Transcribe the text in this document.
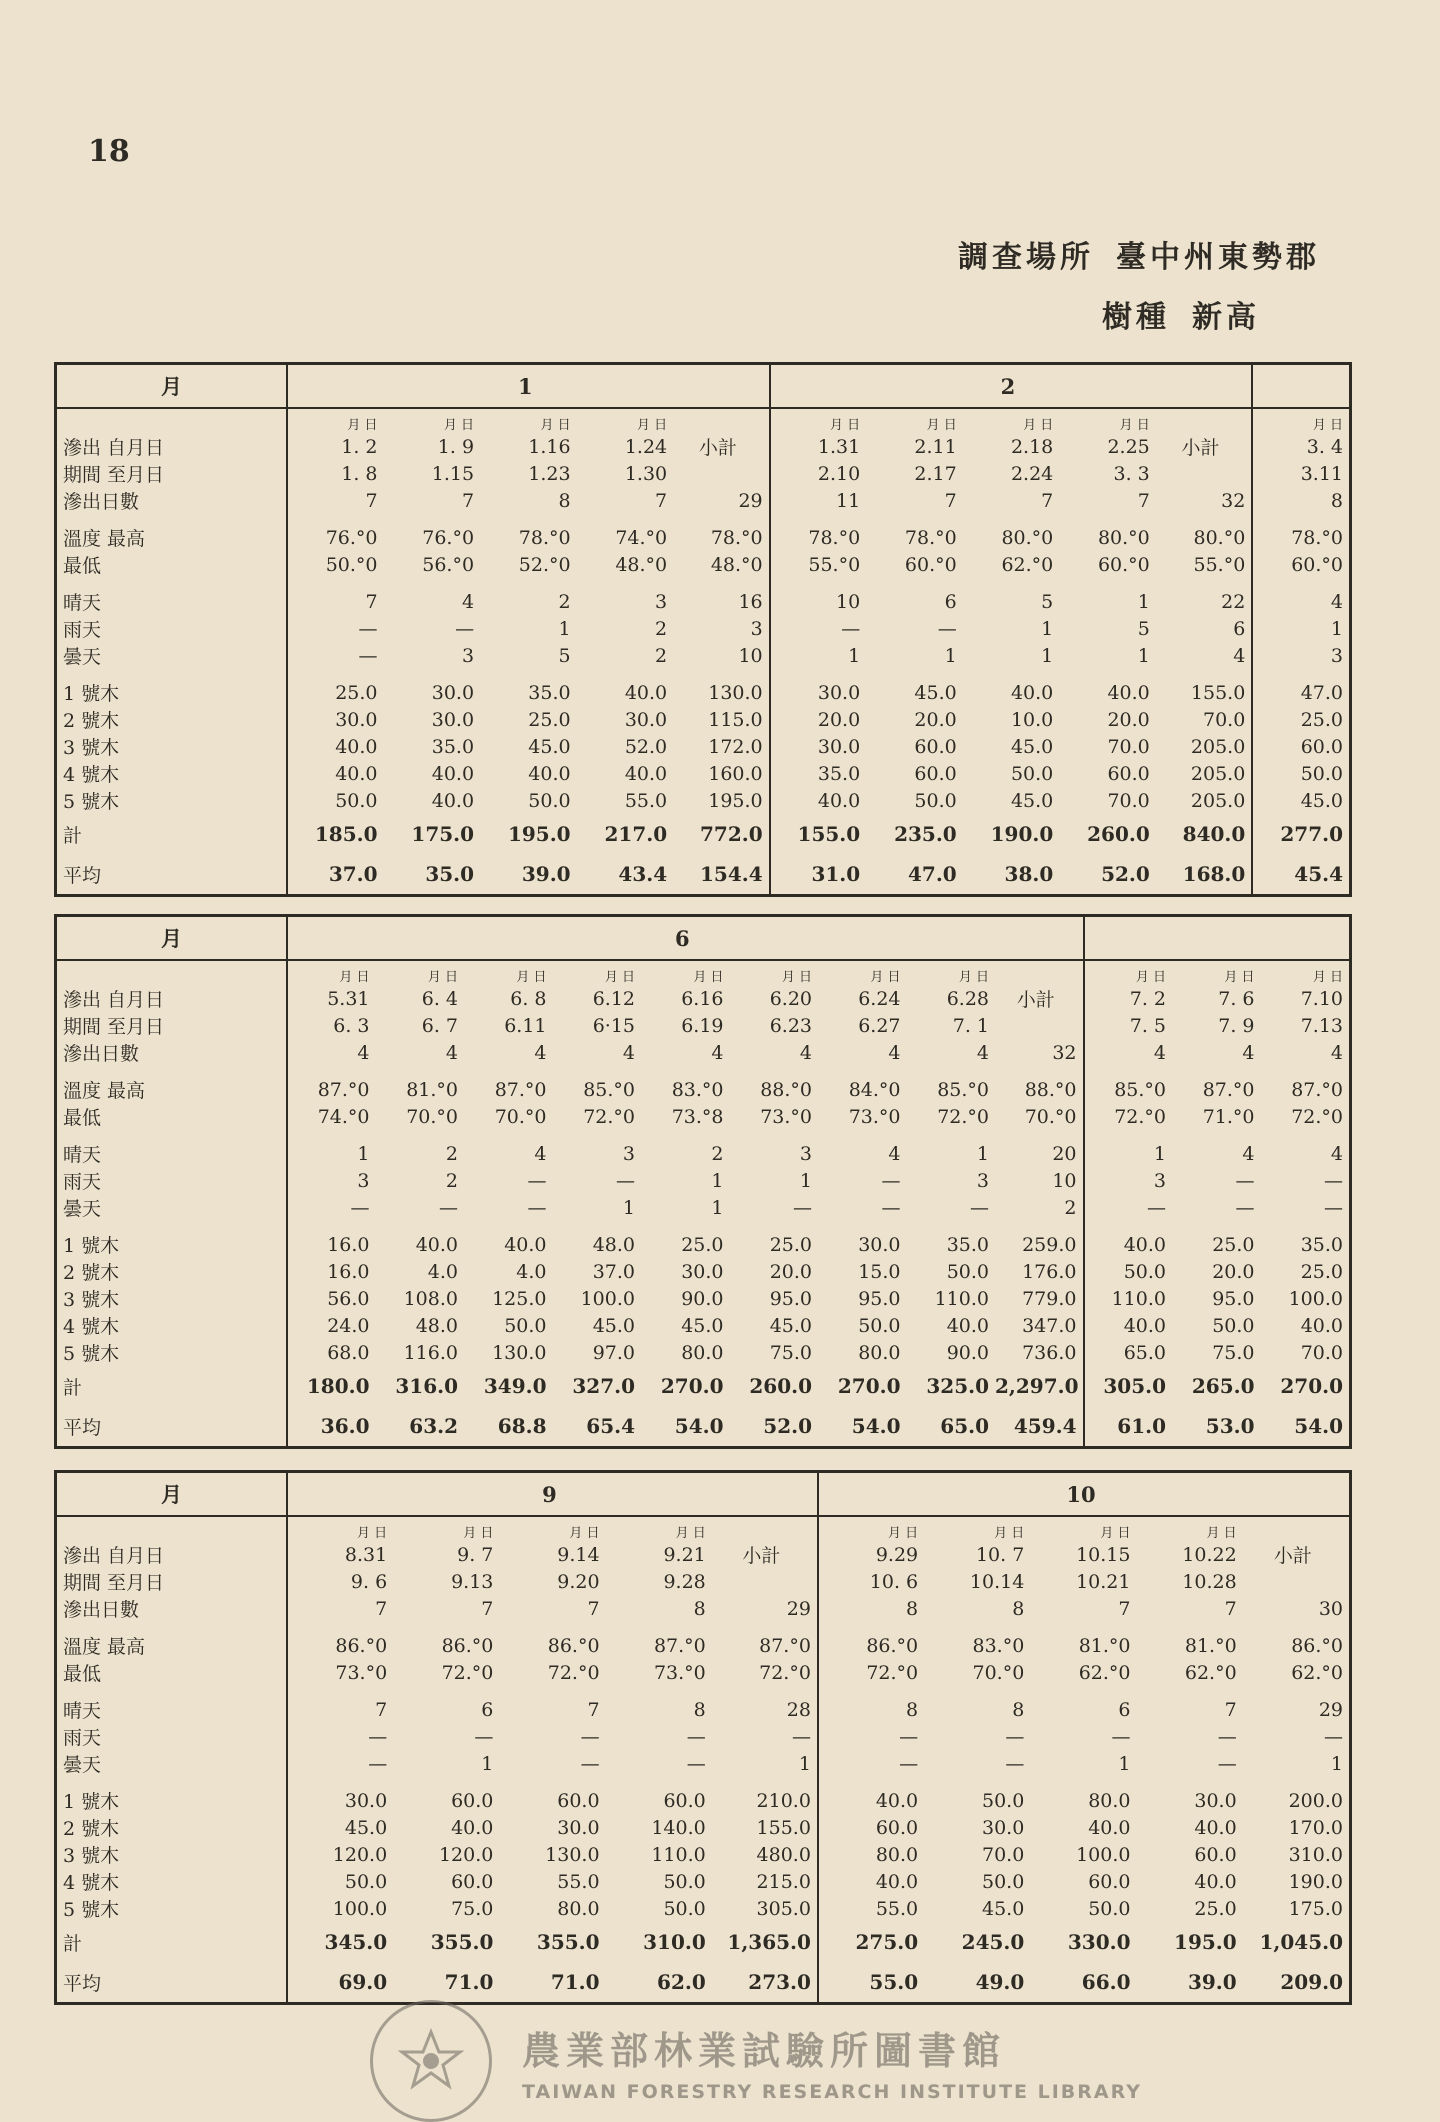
18
調查場所 臺中州東勢郡
樹種 新高
月	1					2					
	月 日	月 日	月 日	月 日		月 日	月 日	月 日	月 日		月 日
滲出 自月日	1. 2	1. 9	1.16	1.24	小計	1.31	2.11	2.18	2.25	小計	3. 4
期間 至月日	1. 8	1.15	1.23	1.30		2.10	2.17	2.24	3. 3		3.11
滲出日數	7	7	8	7	29	11	7	7	7	32	8

溫度 最高	76.°0	76.°0	78.°0	74.°0	78.°0	78.°0	78.°0	80.°0	80.°0	80.°0	78.°0
最低	50.°0	56.°0	52.°0	48.°0	48.°0	55.°0	60.°0	62.°0	60.°0	55.°0	60.°0

晴天	7	4	2	3	16	10	6	5	1	22	4
雨天	—	—	1	2	3	—	—	1	5	6	1
曇天	—	3	5	2	10	1	1	1	1	4	3

1 號木	25.0	30.0	35.0	40.0	130.0	30.0	45.0	40.0	40.0	155.0	47.0
2 號木	30.0	30.0	25.0	30.0	115.0	20.0	20.0	10.0	20.0	70.0	25.0
3 號木	40.0	35.0	45.0	52.0	172.0	30.0	60.0	45.0	70.0	205.0	60.0
4 號木	40.0	40.0	40.0	40.0	160.0	35.0	60.0	50.0	60.0	205.0	50.0
5 號木	50.0	40.0	50.0	55.0	195.0	40.0	50.0	45.0	70.0	205.0	45.0
計	185.0	175.0	195.0	217.0	772.0	155.0	235.0	190.0	260.0	840.0	277.0
平均	37.0	35.0	39.0	43.4	154.4	31.0	47.0	38.0	52.0	168.0	45.4
月	6											
	月 日	月 日	月 日	月 日	月 日	月 日	月 日	月 日		月 日	月 日	月 日
滲出 自月日	5.31	6. 4	6. 8	6.12	6.16	6.20	6.24	6.28	小計	7. 2	7. 6	7.10
期間 至月日	6. 3	6. 7	6.11	6·15	6.19	6.23	6.27	7. 1		7. 5	7. 9	7.13
滲出日數	4	4	4	4	4	4	4	4	32	4	4	4

溫度 最高	87.°0	81.°0	87.°0	85.°0	83.°0	88.°0	84.°0	85.°0	88.°0	85.°0	87.°0	87.°0
最低	74.°0	70.°0	70.°0	72.°0	73.°8	73.°0	73.°0	72.°0	70.°0	72.°0	71.°0	72.°0

晴天	1	2	4	3	2	3	4	1	20	1	4	4
雨天	3	2	—	—	1	1	—	3	10	3	—	—
曇天	—	—	—	1	1	—	—	—	2	—	—	—

1 號木	16.0	40.0	40.0	48.0	25.0	25.0	30.0	35.0	259.0	40.0	25.0	35.0
2 號木	16.0	4.0	4.0	37.0	30.0	20.0	15.0	50.0	176.0	50.0	20.0	25.0
3 號木	56.0	108.0	125.0	100.0	90.0	95.0	95.0	110.0	779.0	110.0	95.0	100.0
4 號木	24.0	48.0	50.0	45.0	45.0	45.0	50.0	40.0	347.0	40.0	50.0	40.0
5 號木	68.0	116.0	130.0	97.0	80.0	75.0	80.0	90.0	736.0	65.0	75.0	70.0
計	180.0	316.0	349.0	327.0	270.0	260.0	270.0	325.0	2,297.0	305.0	265.0	270.0
平均	36.0	63.2	68.8	65.4	54.0	52.0	54.0	65.0	459.4	61.0	53.0	54.0
月	9					10				
	月 日	月 日	月 日	月 日		月 日	月 日	月 日	月 日	
滲出 自月日	8.31	9. 7	9.14	9.21	小計	9.29	10. 7	10.15	10.22	小計
期間 至月日	9. 6	9.13	9.20	9.28		10. 6	10.14	10.21	10.28	
滲出日數	7	7	7	8	29	8	8	7	7	30

溫度 最高	86.°0	86.°0	86.°0	87.°0	87.°0	86.°0	83.°0	81.°0	81.°0	86.°0
最低	73.°0	72.°0	72.°0	73.°0	72.°0	72.°0	70.°0	62.°0	62.°0	62.°0

晴天	7	6	7	8	28	8	8	6	7	29
雨天	—	—	—	—	—	—	—	—	—	—
曇天	—	1	—	—	1	—	—	1	—	1

1 號木	30.0	60.0	60.0	60.0	210.0	40.0	50.0	80.0	30.0	200.0
2 號木	45.0	40.0	30.0	140.0	155.0	60.0	30.0	40.0	40.0	170.0
3 號木	120.0	120.0	130.0	110.0	480.0	80.0	70.0	100.0	60.0	310.0
4 號木	50.0	60.0	55.0	50.0	215.0	40.0	50.0	60.0	40.0	190.0
5 號木	100.0	75.0	80.0	50.0	305.0	55.0	45.0	50.0	25.0	175.0
計	345.0	355.0	355.0	310.0	1,365.0	275.0	245.0	330.0	195.0	1,045.0
平均	69.0	71.0	71.0	62.0	273.0	55.0	49.0	66.0	39.0	209.0
農業部林業試驗所圖書館
TAIWAN FORESTRY RESEARCH INSTITUTE LIBRARY
